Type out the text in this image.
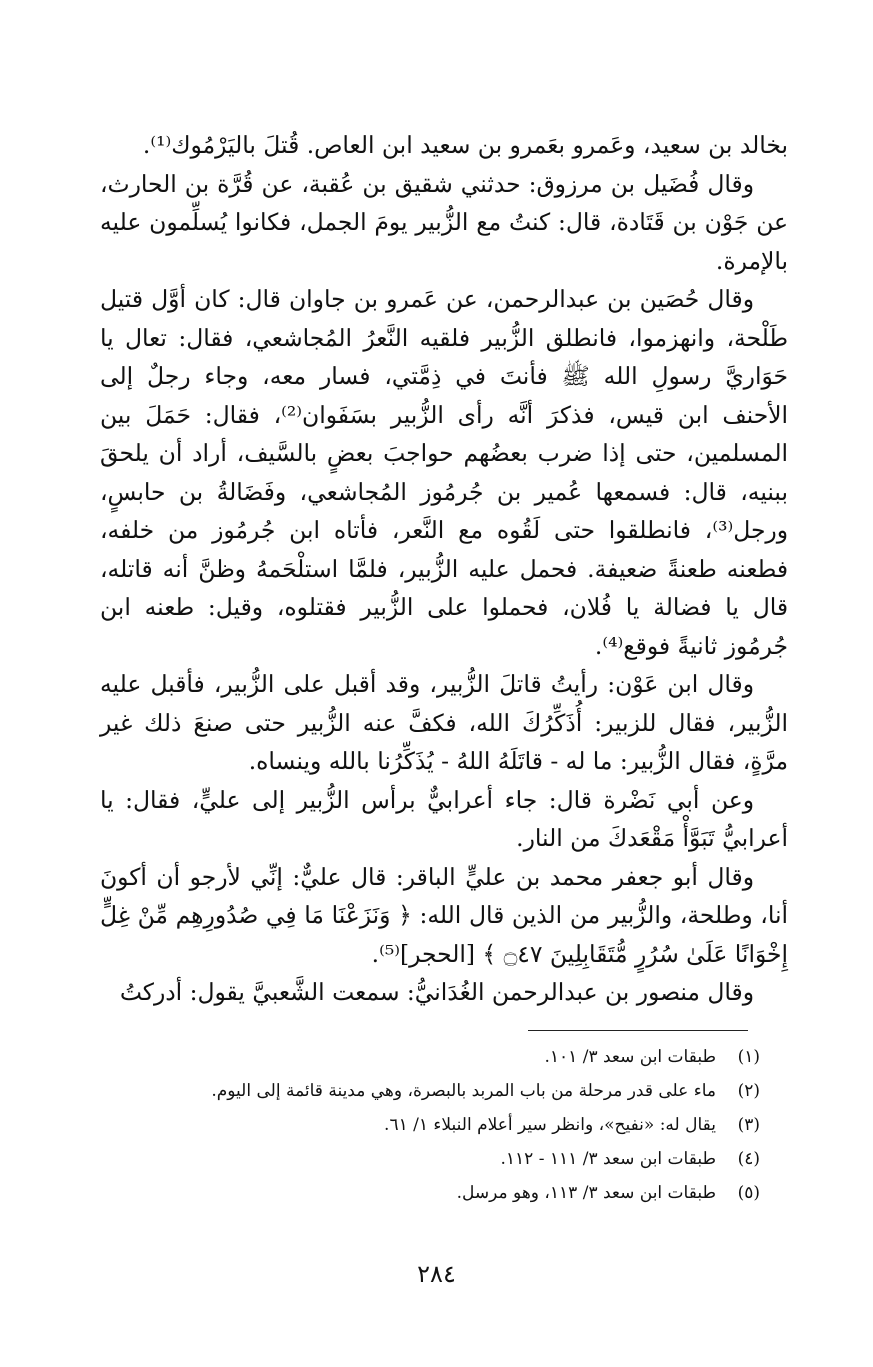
بخالد بن سعيد، وعَمرو بعَمرو بن سعيد ابن العاص. قُتلَ باليَرْمُوك⁽¹⁾.

وقال فُضَيل بن مرزوق: حدثني شقيق بن عُقبة، عن قُرَّة بن الحارث، عن جَوْن بن قَتَادة، قال: كنتُ مع الزُّبير يومَ الجمل، فكانوا يُسلِّمون عليه بالإمرة.

وقال حُصَين بن عبدالرحمن، عن عَمرو بن جاوان قال: كان أوَّل قتيل طَلْحة، وانهزموا، فانطلق الزُّبير فلقيه النَّعرُ المُجاشعي، فقال: تعال يا حَوَاريَّ رسولِ الله ﷺ فأنتَ في ذِمَّتي، فسار معه، وجاء رجلٌ إلى الأحنف ابن قيس، فذكرَ أنَّه رأى الزُّبير بسَفَوان⁽²⁾، فقال: حَمَلَ بين المسلمين، حتى إذا ضرب بعضُهم حواجبَ بعضٍ بالسَّيف، أراد أن يلحقَ ببنيه، قال: فسمعها عُمير بن جُرمُوز المُجاشعي، وفَضَالةُ بن حابسٍ، ورجل⁽³⁾، فانطلقوا حتى لَقُوه مع النَّعر، فأتاه ابن جُرمُوز من خلفه، فطعنه طعنةً ضعيفة. فحمل عليه الزُّبير، فلمَّا استلْحَمهُ وظنَّ أنه قاتله، قال يا فضالة يا فُلان، فحملوا على الزُّبير فقتلوه، وقيل: طعنه ابن جُرمُوز ثانيةً فوقع⁽⁴⁾.

وقال ابن عَوْن: رأيتُ قاتلَ الزُّبير، وقد أقبل على الزُّبير، فأقبل عليه الزُّبير، فقال للزبير: أُذَكِّرُكَ الله، فكفَّ عنه الزُّبير حتى صنعَ ذلك غير مرَّةٍ، فقال الزُّبير: ما له - قاتَلَهُ اللهُ - يُذَكِّرُنا بالله وينساه.

وعن أبي نَضْرة قال: جاء أعرابيٌّ برأس الزُّبير إلى عليٍّ، فقال: يا أعرابيُّ تَبَوَّأْ مَقْعَدكَ من النار.

وقال أبو جعفر محمد بن عليٍّ الباقر: قال عليٌّ: إنِّي لأرجو أن أكونَ أنا، وطلحة، والزُّبير من الذين قال الله: ﴿ وَنَزَعْنَا مَا فِي صُدُورِهِم مِّنْ غِلٍّ إِخْوَانًا عَلَىٰ سُرُرٍ مُّتَقَابِلِينَ ۝٤٧ ﴾ [الحجر]⁽⁵⁾.

وقال منصور بن عبدالرحمن الغُدَانيُّ: سمعت الشَّعبيَّ يقول: أدركتُ

(١)
طبقات ابن سعد ٣/ ١٠١.
(٢)
ماء على قدر مرحلة من باب المربد بالبصرة، وهي مدينة قائمة إلى اليوم.
(٣)
يقال له: «نفيح»، وانظر سير أعلام النبلاء ١/ ٦١.
(٤)
طبقات ابن سعد ٣/ ١١١ - ١١٢.
(٥)
طبقات ابن سعد ٣/ ١١٣، وهو مرسل.
٢٨٤
